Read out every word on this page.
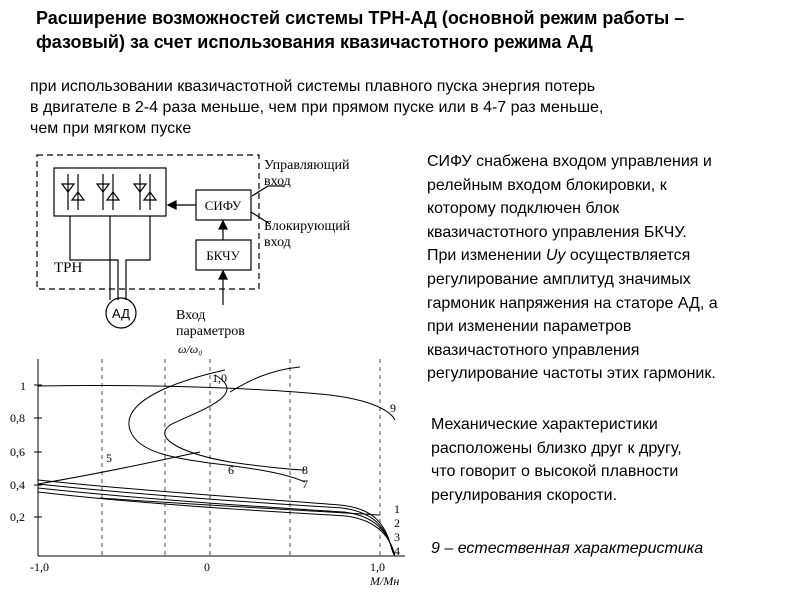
Расширение возможностей системы ТРН-АД (основной режим работы –
фазовый) за счет использования квазичастотного режима АД
при использовании квазичастотной системы плавного пуска энергия потерь
в двигателе в 2-4 раза меньше, чем при прямом пуске или в 4-7 раз меньше,
чем при мягком пуске
ТРН
АД
СИФУ
БКЧУ
Управляющий
вход
Блокирующий
вход
Вход
параметров
1
0,8
0,6
0,4
0,2
-1,0	0	1,0
М/Мн
ω/ω₀
1,0
9
5
6	8
7
1
2
3
4
СИФУ снабжена входом управления и
релейным входом блокировки, к
которому подключен блок
квазичастотного управления БКЧУ.
При изменении Uy осуществляется
регулирование амплитуд значимых
гармоник напряжения на статоре АД, а
при изменении параметров
квазичастотного управления
регулирование частоты этих гармоник.
Механические характеристики
расположены близко друг к другу,
что говорит о высокой плавности
регулирования скорости.
9 – естественная характеристика
